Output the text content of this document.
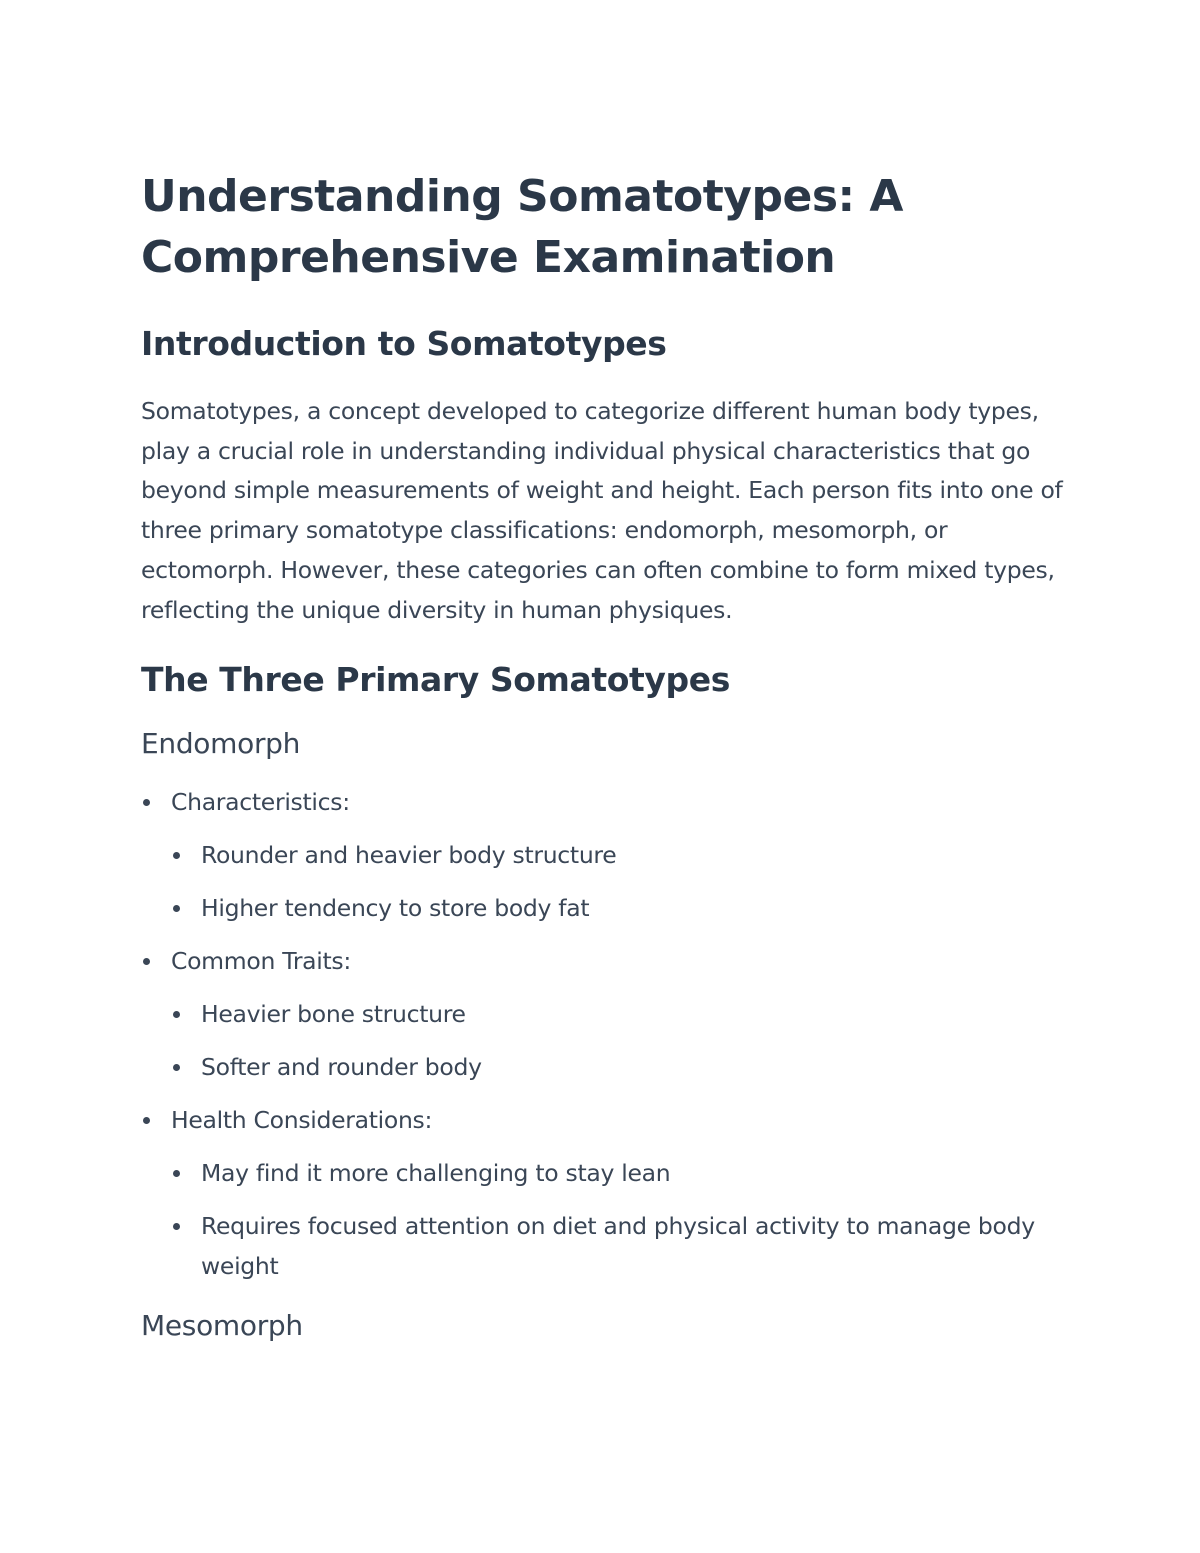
Understanding Somatotypes: A Comprehensive Examination
Introduction to Somatotypes

Somatotypes, a concept developed to categorize different human body types, play a crucial role in understanding individual physical characteristics that go beyond simple measurements of weight and height. Each person fits into one of three primary somatotype classifications: endomorph, mesomorph, or ectomorph. However, these categories can often combine to form mixed types, reflecting the unique diversity in human physiques.

The Three Primary Somatotypes
Endomorph
Characteristics:
Rounder and heavier body structure
Higher tendency to store body fat
Common Traits:
Heavier bone structure
Softer and rounder body
Health Considerations:
May find it more challenging to stay lean
Requires focused attention on diet and physical activity to manage body weight
Mesomorph
